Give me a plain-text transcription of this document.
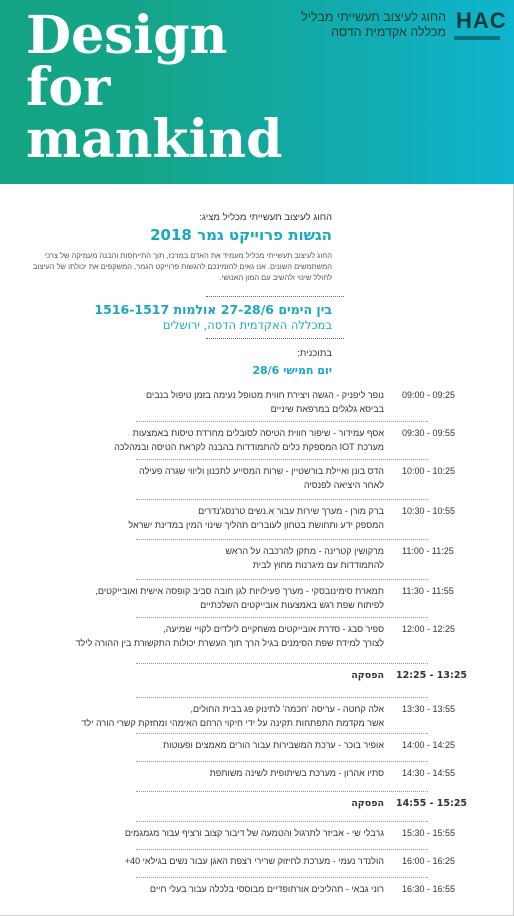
Design
for
mankind
החוג לעיצוב תעשייתי מבליל
מכללה אקדמית הדסה HAC
החוג לעיצוב תעשייתי מכליל מציג:
הגשות פרוייקט גמר 2018
החוג לעיצוב תעשייתי מכליל מעמיד את האדם במרכז, תוך התייחסות והבנה מעמיקה של צרכי המשתמשים השונים. אנו גאים להזמינכם להגשות פרוייקט הגמר, המשקפים את יכולתו של העיצוב לחולל שינוי ולהשיב עם המון האנושי.
בין הימים 27-28/6 אולמות 1516-1517
במכללה האקדמית הדסה, ירושלים
בתוכנית:
יום חמישי 28/6
09:00 - 09:25
נופר ליפניק - הגשה ויצירת חווית מטופל נעימה בזמן טיפול בנבים
בביסא גלגלים במרפאת שיניים
09:30 - 09:55
אסף עמידור - שיפור חווית הטיסה לסובלים מחרדת טיסות באמצעות
מערכת IOT המספקת כלים להתמודדות בהבנה לקראת הטיסה ובמהלכה
10:00 - 10:25
הדס בונן ואיילת בורשטיין - שרות המסייע לתכנון וליווי שגרה פעילה
לאחר היציאה לפנסיה
10:30 - 10:55
ברק מורן - מערך שירות עבור א.נשים טרנסג'נדרים
המספק ידע ותחושת בטחון לעוברים תהליך שינוי המין במדינת ישראל
11:00 - 11:25
מרקושין קטרינה - מתקן להרכבה על הראש
להתמודדות עם מיגרנות מחוץ לבית
11:30 - 11:55
תמארת סימינובסקי - מערך פעילויות לגן חובה סביב קופסה אישית ואובייקטים,
לפיתוח שפת רגש באמצעות אובייקטים השלכתיים
12:00 - 12:25
ספיר סבג - סדרת אובייקטים משחקיים לילדים לקויי שמיעה,
לצורך למידת שפת הסימנים בגיל הרך תוך העשרת יכולות התקשורת בין ההורה לילד
הפסקה 12:25 - 13:25
13:30 - 13:55
אלה קחטה - עריסה 'חכמה' לתינוק פג בבית החולים,
אשר מקדמת התפתחות תקינה על ידי חיקוי הרחם האימהי ומחזקת קשרי הורה ילד
14:00 - 14:25
אופיר בוכר - ערכת המשבירות עבור הורים מאמצים ופעוטות
14:30 - 14:55
סתיו אהרון - מערכת בשיתופית לשינה משותפת
הפסקה 14:55 - 15:25
15:30 - 15:55
גרבלי שי - אביזר לתרגול והטמעה של דיבור קצוב ורציף עבור מגמגמים
16:00 - 16:25
הולנדר נעמי - מערכת לחיזוק שרירי רצפת האגן עבור נשים בגילאי 40+
16:30 - 16:55
רוני גבאי - תהליכים אורתופדיים מבוססי בלכלה עבור בעלי חיים
